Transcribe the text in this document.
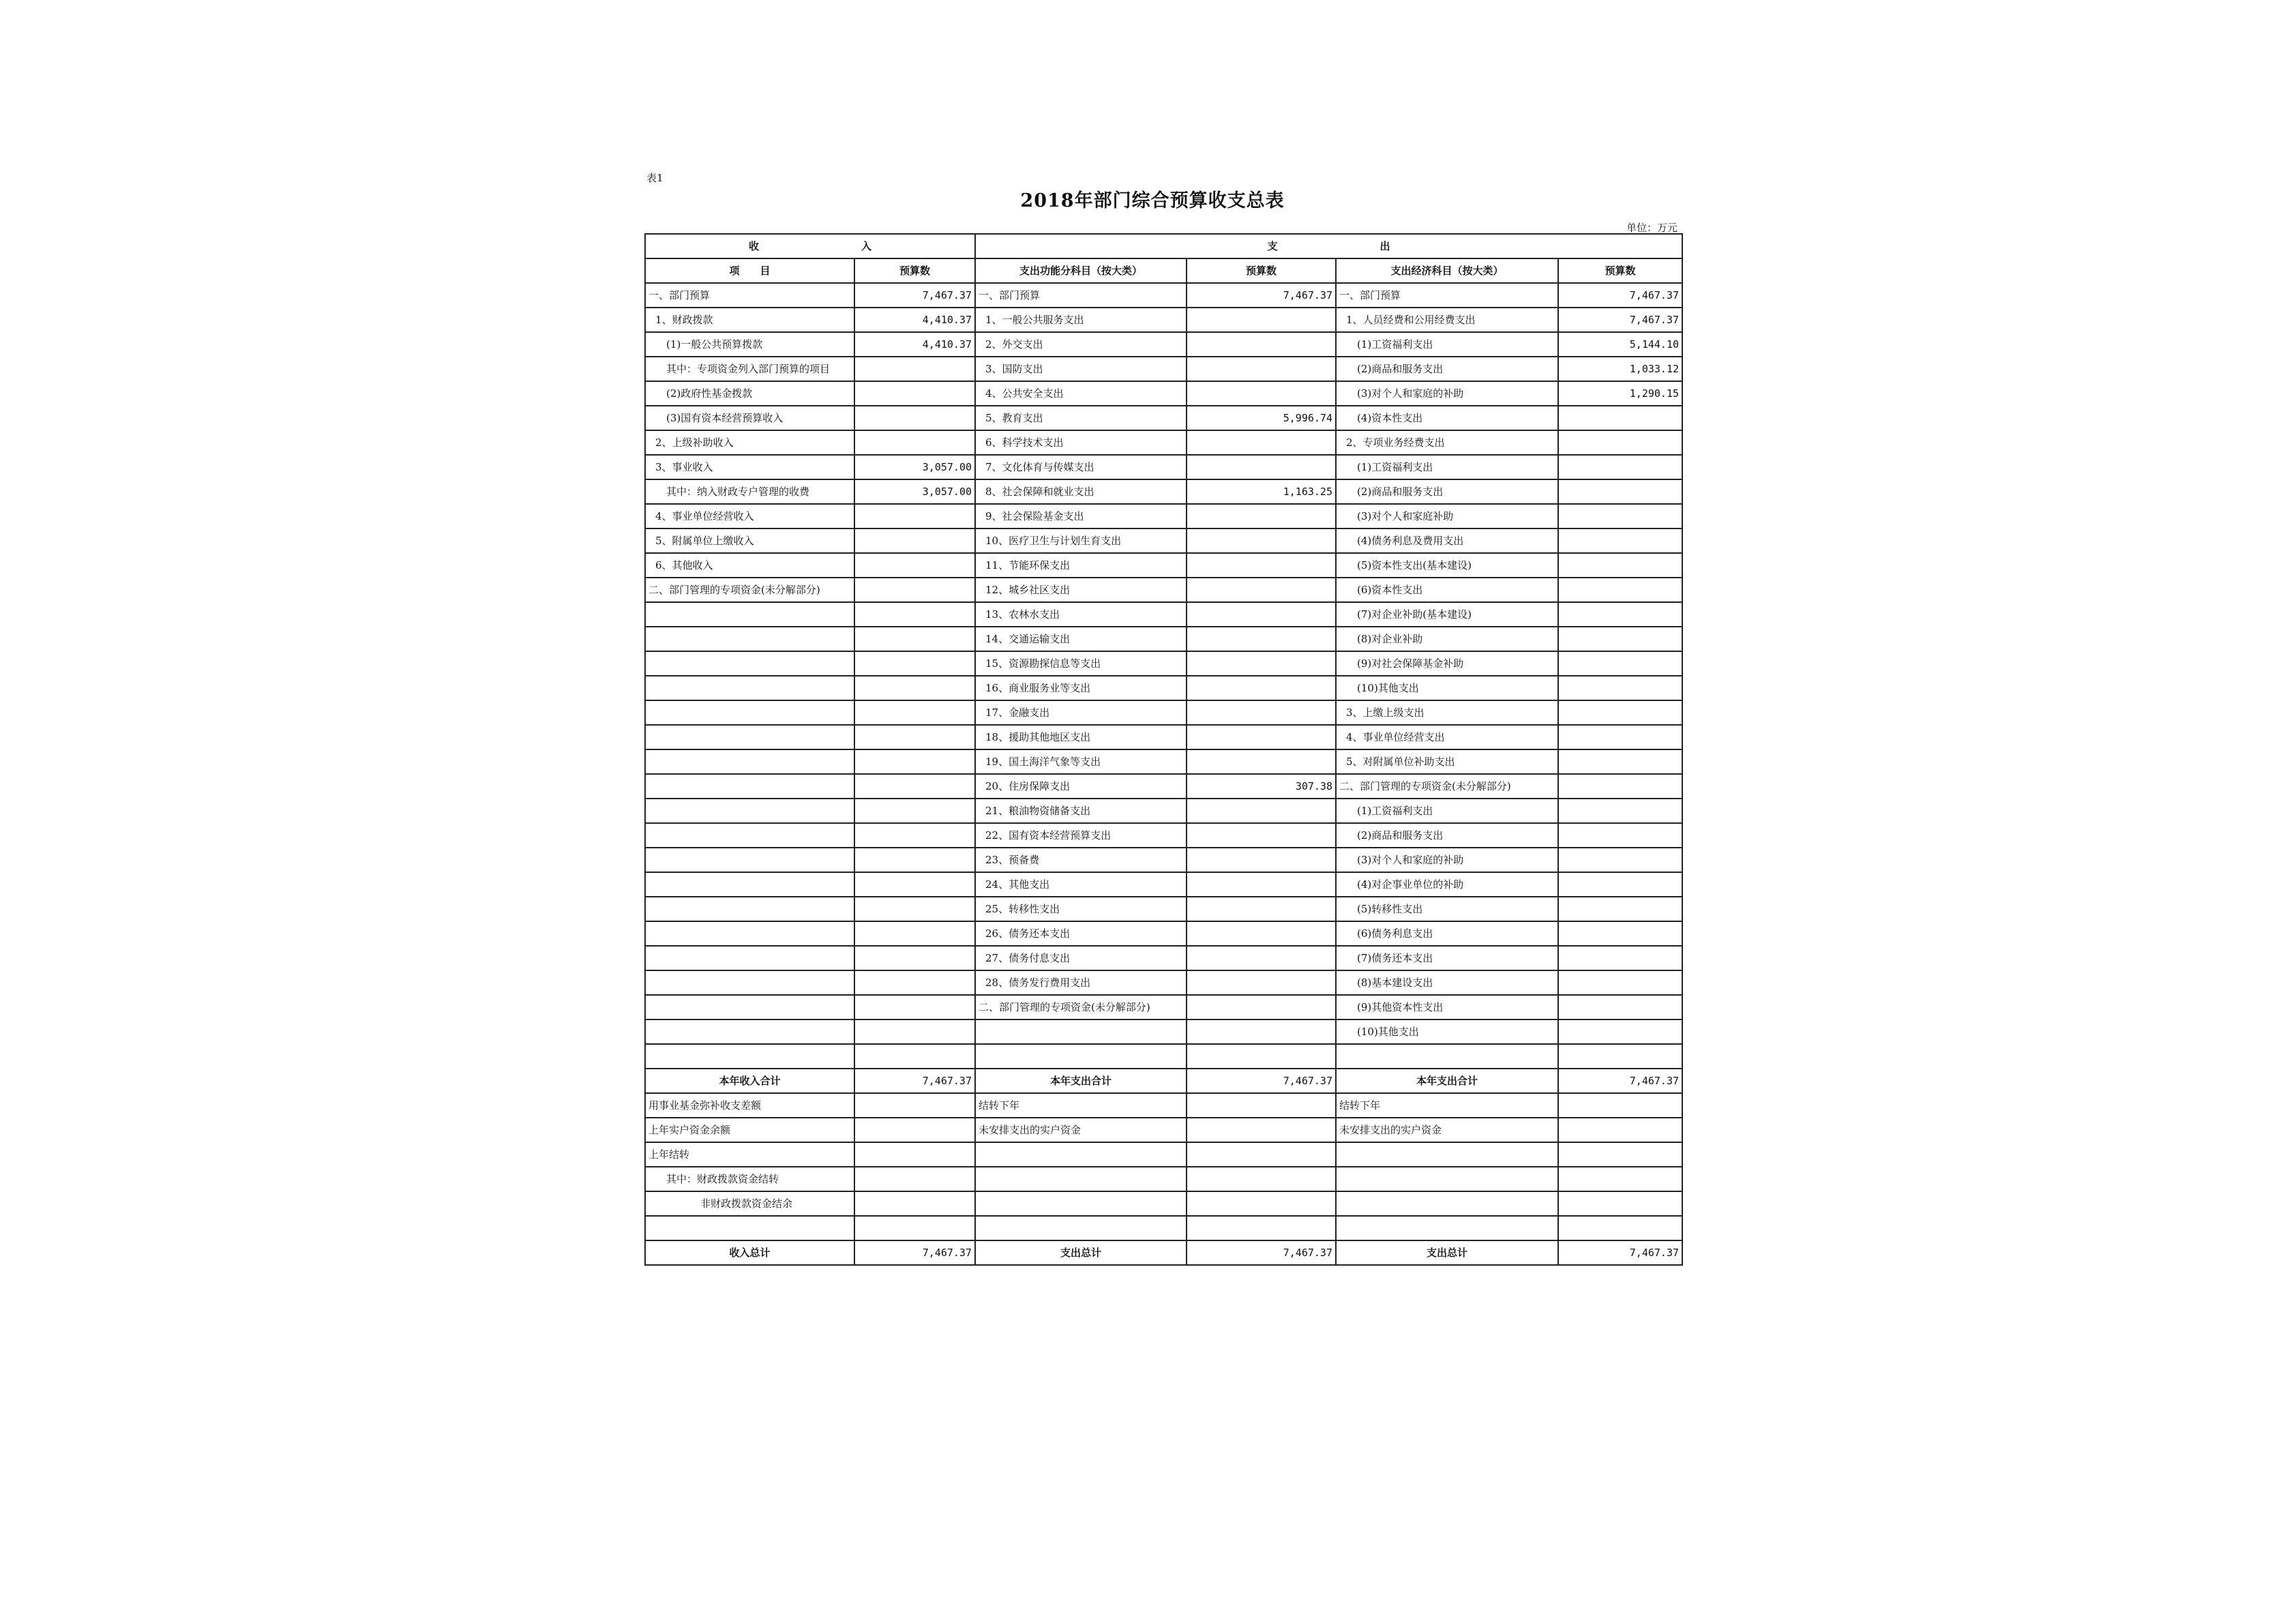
表1
2018年部门综合预算收支总表
单位：万元
收 入		支 出			
项　　目	预算数	支出功能分科目（按大类）	预算数	支出经济科目（按大类）	预算数
一、部门预算	7,467.37	一、部门预算	7,467.37	一、部门预算	7,467.37
1、财政拨款	4,410.37	1、一般公共服务支出		1、人员经费和公用经费支出	7,467.37
(1)一般公共预算拨款	4,410.37	2、外交支出		(1)工资福利支出	5,144.10
其中：专项资金列入部门预算的项目		3、国防支出		(2)商品和服务支出	1,033.12
(2)政府性基金拨款		4、公共安全支出		(3)对个人和家庭的补助	1,290.15
(3)国有资本经营预算收入		5、教育支出	5,996.74	(4)资本性支出	
2、上级补助收入		6、科学技术支出		2、专项业务经费支出	
3、事业收入	3,057.00	7、文化体育与传媒支出		(1)工资福利支出	
其中：纳入财政专户管理的收费	3,057.00	8、社会保障和就业支出	1,163.25	(2)商品和服务支出	
4、事业单位经营收入		9、社会保险基金支出		(3)对个人和家庭补助	
5、附属单位上缴收入		10、医疗卫生与计划生育支出		(4)债务利息及费用支出	
6、其他收入		11、节能环保支出		(5)资本性支出(基本建设)	
二、部门管理的专项资金(未分解部分)		12、城乡社区支出		(6)资本性支出	
		13、农林水支出		(7)对企业补助(基本建设)	
		14、交通运输支出		(8)对企业补助	
		15、资源勘探信息等支出		(9)对社会保障基金补助	
		16、商业服务业等支出		(10)其他支出	
		17、金融支出		3、上缴上级支出	
		18、援助其他地区支出		4、事业单位经营支出	
		19、国土海洋气象等支出		5、对附属单位补助支出	
		20、住房保障支出	307.38	二、部门管理的专项资金(未分解部分)	
		21、粮油物资储备支出		(1)工资福利支出	
		22、国有资本经营预算支出		(2)商品和服务支出	
		23、预备费		(3)对个人和家庭的补助	
		24、其他支出		(4)对企事业单位的补助	
		25、转移性支出		(5)转移性支出	
		26、债务还本支出		(6)债务利息支出	
		27、债务付息支出		(7)债务还本支出	
		28、债务发行费用支出		(8)基本建设支出	
		二、部门管理的专项资金(未分解部分)		(9)其他资本性支出	
				(10)其他支出	

本年收入合计	7,467.37	本年支出合计	7,467.37	本年支出合计	7,467.37
用事业基金弥补收支差额		结转下年		结转下年	
上年实户资金余额		未安排支出的实户资金		未安排支出的实户资金	
上年结转					
其中：财政拨款资金结转					
非财政拨款资金结余					

收入总计	7,467.37	支出总计	7,467.37	支出总计	7,467.37
